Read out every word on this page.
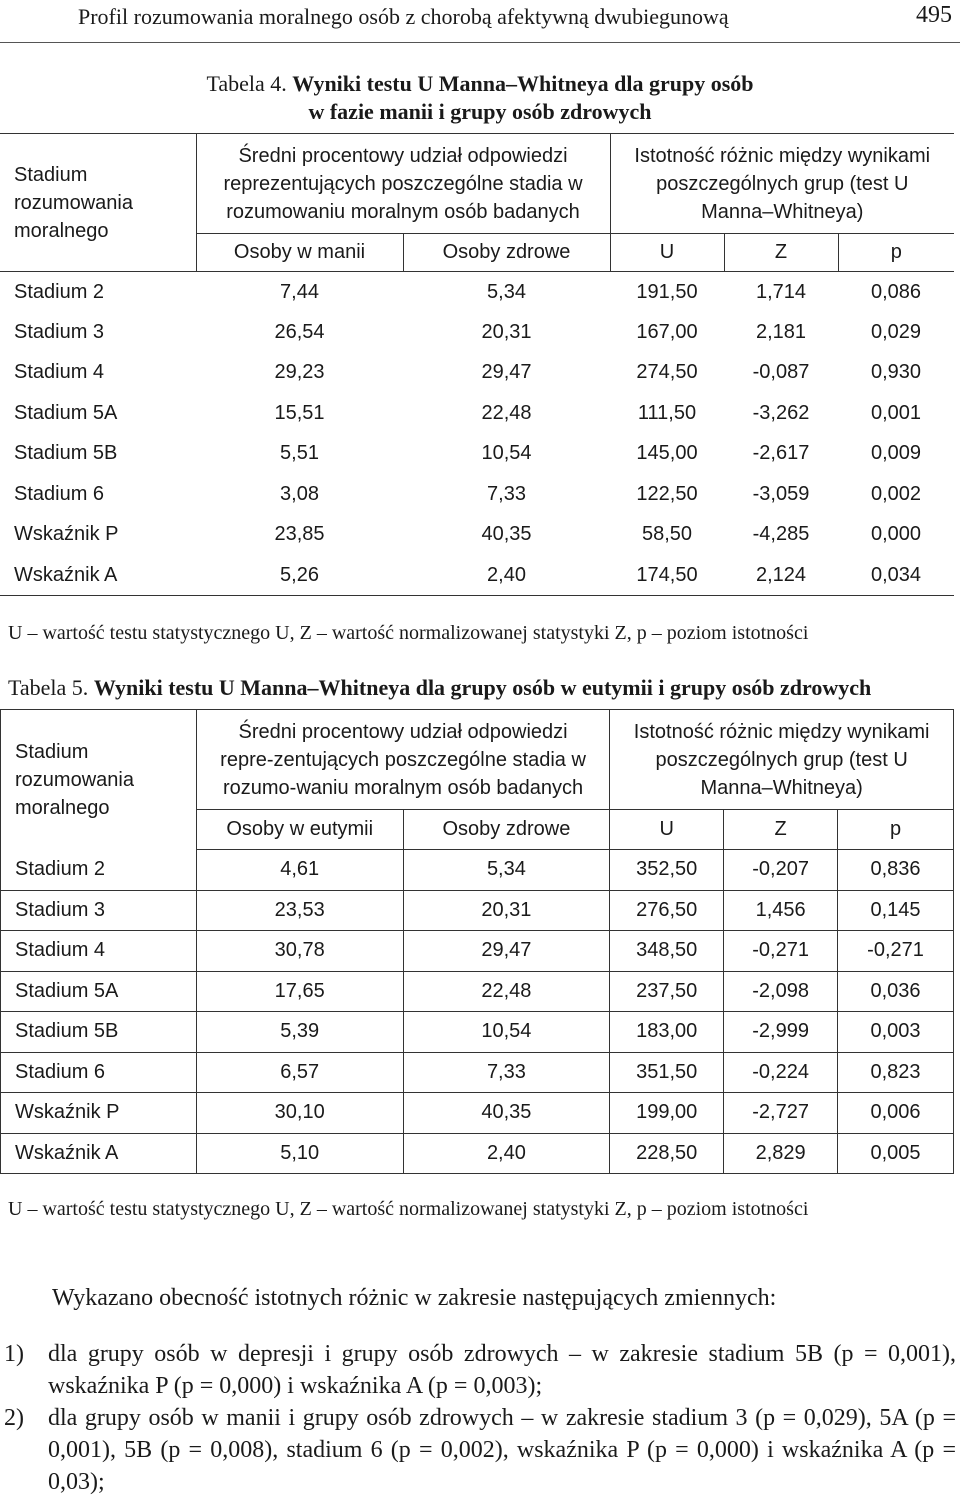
Profil rozumowania moralnego osób z chorobą afektywną dwubiegunową	495
Tabela 4. Wyniki testu U Manna–Whitneya dla grupy osób
w fazie manii i grupy osób zdrowych
Stadium rozumowania moralnego	Średni procentowy udział odpowiedzi reprezentujących poszczególne stadia w rozumowaniu moralnym osób badanych		Istotność różnic między wynikami poszczególnych grup (test U Manna–Whitneya)		
	Osoby w manii	Osoby zdrowe	U	Z	p
Stadium 2	7,44	5,34	191,50	1,714	0,086
Stadium 3	26,54	20,31	167,00	2,181	0,029
Stadium 4	29,23	29,47	274,50	-0,087	0,930
Stadium 5A	15,51	22,48	111,50	-3,262	0,001
Stadium 5B	5,51	10,54	145,00	-2,617	0,009
Stadium 6	3,08	7,33	122,50	-3,059	0,002
Wskaźnik P	23,85	40,35	58,50	-4,285	0,000
Wskaźnik A	5,26	2,40	174,50	2,124	0,034
U – wartość testu statystycznego U, Z – wartość normalizowanej statystyki Z, p – poziom istotności
Tabela 5. Wyniki testu U Manna–Whitneya dla grupy osób w eutymii i grupy osób zdrowych
Stadium rozumowania moralnego	Średni procentowy udział odpowiedzi repre-zentujących poszczególne stadia w rozumo-waniu moralnym osób badanych		Istotność różnic między wynikami poszczególnych grup (test U Manna–Whitneya)		
	Osoby w eutymii	Osoby zdrowe	U	Z	p
Stadium 2	4,61	5,34	352,50	-0,207	0,836
Stadium 3	23,53	20,31	276,50	1,456	0,145
Stadium 4	30,78	29,47	348,50	-0,271	-0,271
Stadium 5A	17,65	22,48	237,50	-2,098	0,036
Stadium 5B	5,39	10,54	183,00	-2,999	0,003
Stadium 6	6,57	7,33	351,50	-0,224	0,823
Wskaźnik P	30,10	40,35	199,00	-2,727	0,006
Wskaźnik A	5,10	2,40	228,50	2,829	0,005
U – wartość testu statystycznego U, Z – wartość normalizowanej statystyki Z, p – poziom istotności
Wykazano obecność istotnych różnic w zakresie następujących zmiennych:
1) dla grupy osób w depresji i grupy osób zdrowych – w zakresie stadium 5B (p = 0,001), wskaźnika P (p = 0,000) i wskaźnika A (p = 0,003);
2) dla grupy osób w manii i grupy osób zdrowych – w zakresie stadium 3 (p = 0,029), 5A (p = 0,001), 5B (p = 0,008), stadium 6 (p = 0,002), wskaźnika P (p = 0,000) i wskaźnika A (p = 0,03);
